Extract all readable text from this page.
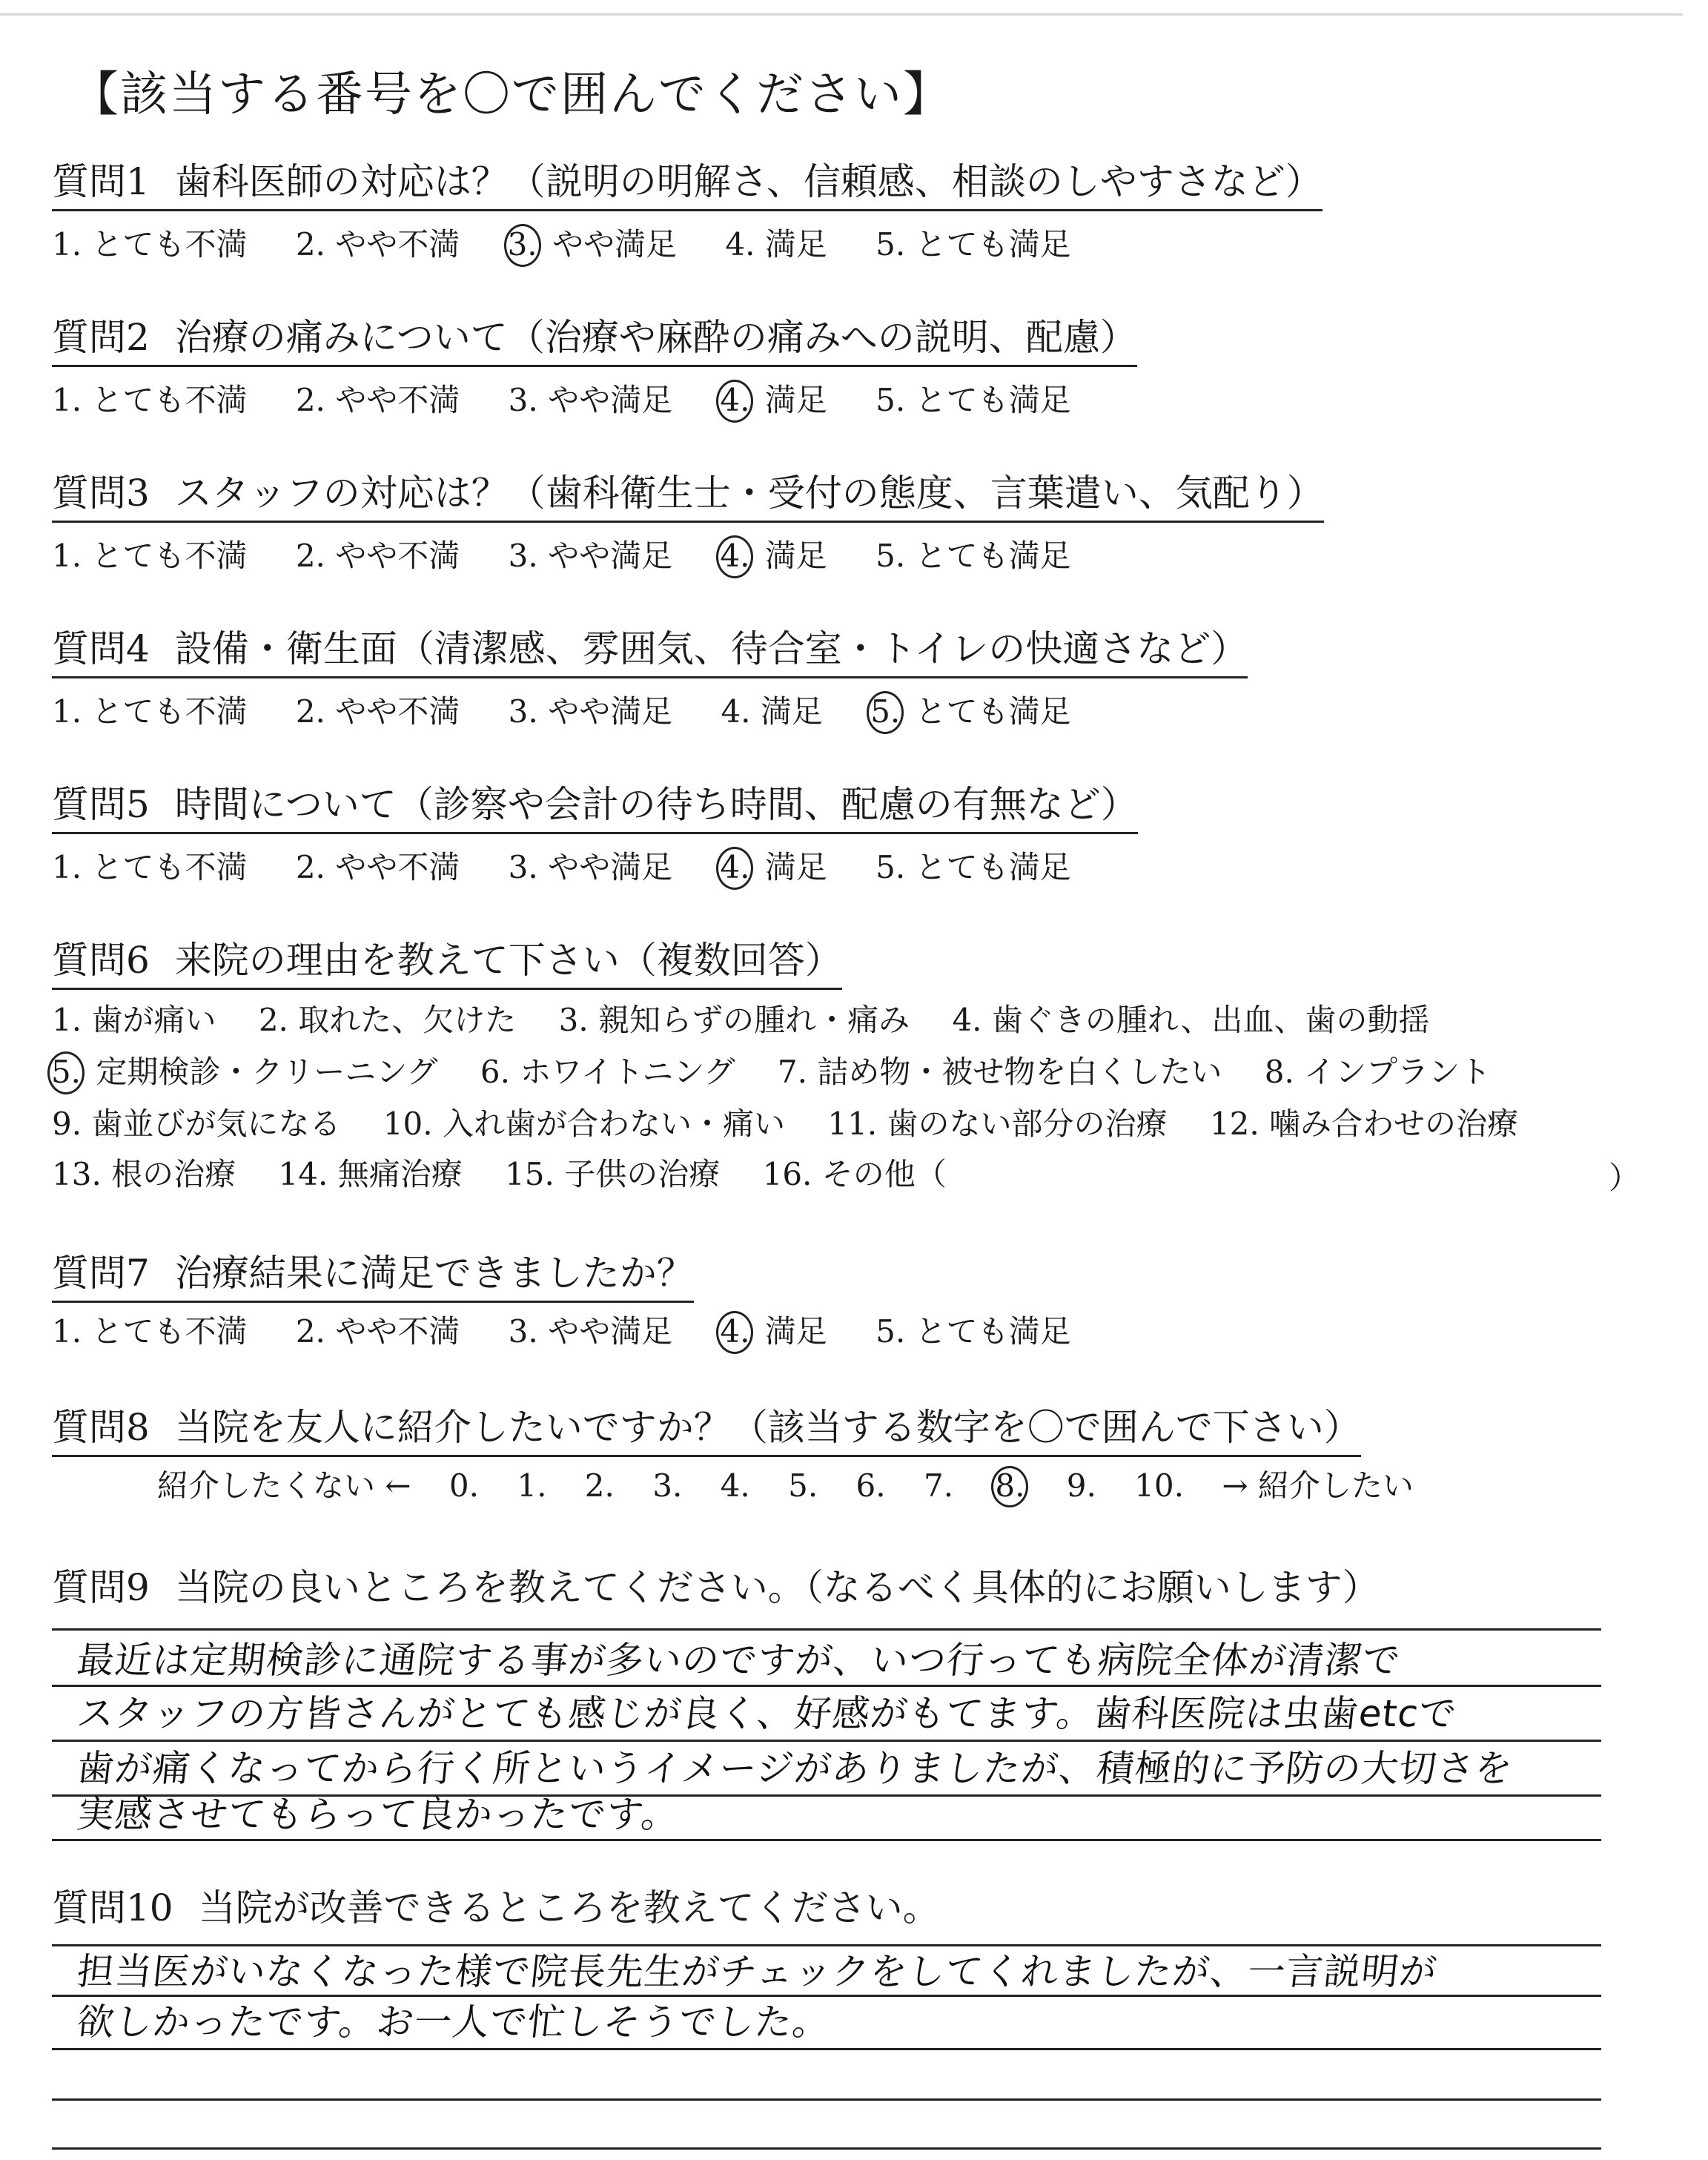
【該当する番号を〇で囲んでください】
質問1 歯科医師の対応は？（説明の明解さ、信頼感、相談のしやすさなど）
1. とても不満 2. やや不満 3. やや満足 4. 満足 5. とても満足
質問2 治療の痛みについて（治療や麻酔の痛みへの説明、配慮）
1. とても不満 2. やや不満 3. やや満足 4. 満足 5. とても満足
質問3 スタッフの対応は？（歯科衛生士・受付の態度、言葉遣い、気配り）
1. とても不満 2. やや不満 3. やや満足 4. 満足 5. とても満足
質問4 設備・衛生面（清潔感、雰囲気、待合室・トイレの快適さなど）
1. とても不満 2. やや不満 3. やや満足 4. 満足 5. とても満足
質問5 時間について（診察や会計の待ち時間、配慮の有無など）
1. とても不満 2. やや不満 3. やや満足 4. 満足 5. とても満足
質問6 来院の理由を教えて下さい（複数回答）
1. 歯が痛い 2. 取れた、欠けた 3. 親知らずの腫れ・痛み 4. 歯ぐきの腫れ、出血、歯の動揺
5. 定期検診・クリーニング 6. ホワイトニング 7. 詰め物・被せ物を白くしたい 8. インプラント
9. 歯並びが気になる 10. 入れ歯が合わない・痛い 11. 歯のない部分の治療 12. 噛み合わせの治療
13. 根の治療 14. 無痛治療 15. 子供の治療 16. その他（	）
質問7 治療結果に満足できましたか？
1. とても不満 2. やや不満 3. やや満足 4. 満足 5. とても満足
質問8 当院を友人に紹介したいですか？（該当する数字を〇で囲んで下さい）
紹介したくない ← 0. 1. 2. 3. 4. 5. 6. 7. 8. 9. 10. → 紹介したい
質問9 当院の良いところを教えてください。（なるべく具体的にお願いします）
最近は定期検診に通院する事が多いのですが、いつ行っても病院全体が清潔で
スタッフの方皆さんがとても感じが良く、好感がもてます。歯科医院は虫歯etcで
歯が痛くなってから行く所というイメージがありましたが、積極的に予防の大切さを
実感させてもらって良かったです。
質問10 当院が改善できるところを教えてください。
担当医がいなくなった様で院長先生がチェックをしてくれましたが、一言説明が
欲しかったです。お一人で忙しそうでした。
